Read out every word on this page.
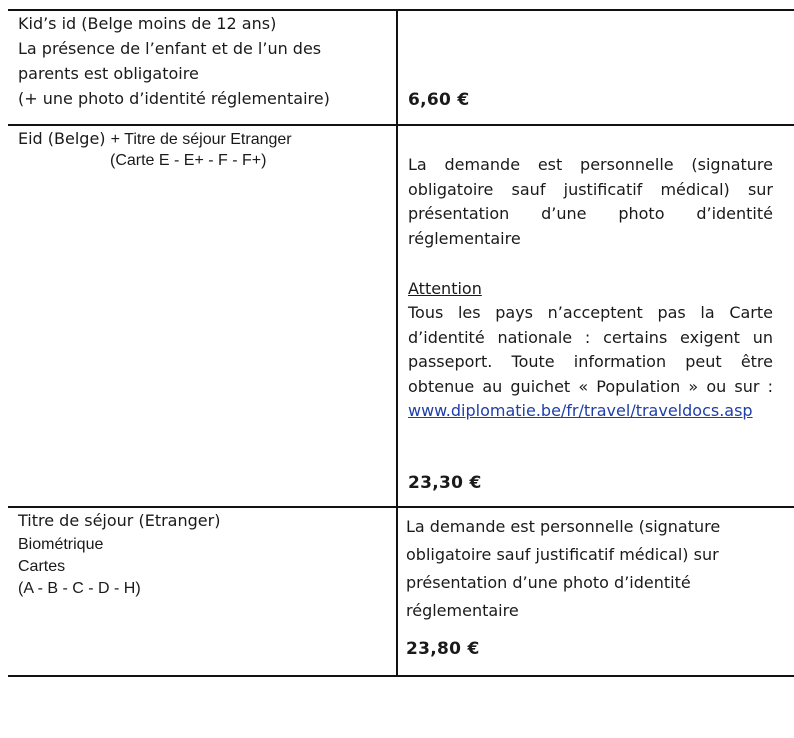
Kid’s id (Belge moins de 12 ans)
La présence de l’enfant et de l’un des
parents est obligatoire
(+ une photo d’identité réglementaire)	6,60 €
Eid (Belge) + Titre de séjour Etranger
(Carte E - E+ - F - F+)	La demande est personnelle (signature
obligatoire sauf justificatif médical) sur
présentation d’une photo d’identité
réglementaire
Attention
Tous les pays n’acceptent pas la Carte
d’identité nationale : certains exigent un
passeport. Toute information peut être
obtenue au guichet « Population » ou sur :
www.diplomatie.be/fr/travel/traveldocs.asp
23,30 €
Titre de séjour (Etranger)
Biométrique
Cartes
(A - B - C - D - H)
La demande est personnelle (signature
obligatoire sauf justificatif médical) sur
présentation d’une photo d’identité
réglementaire
23,80 €
